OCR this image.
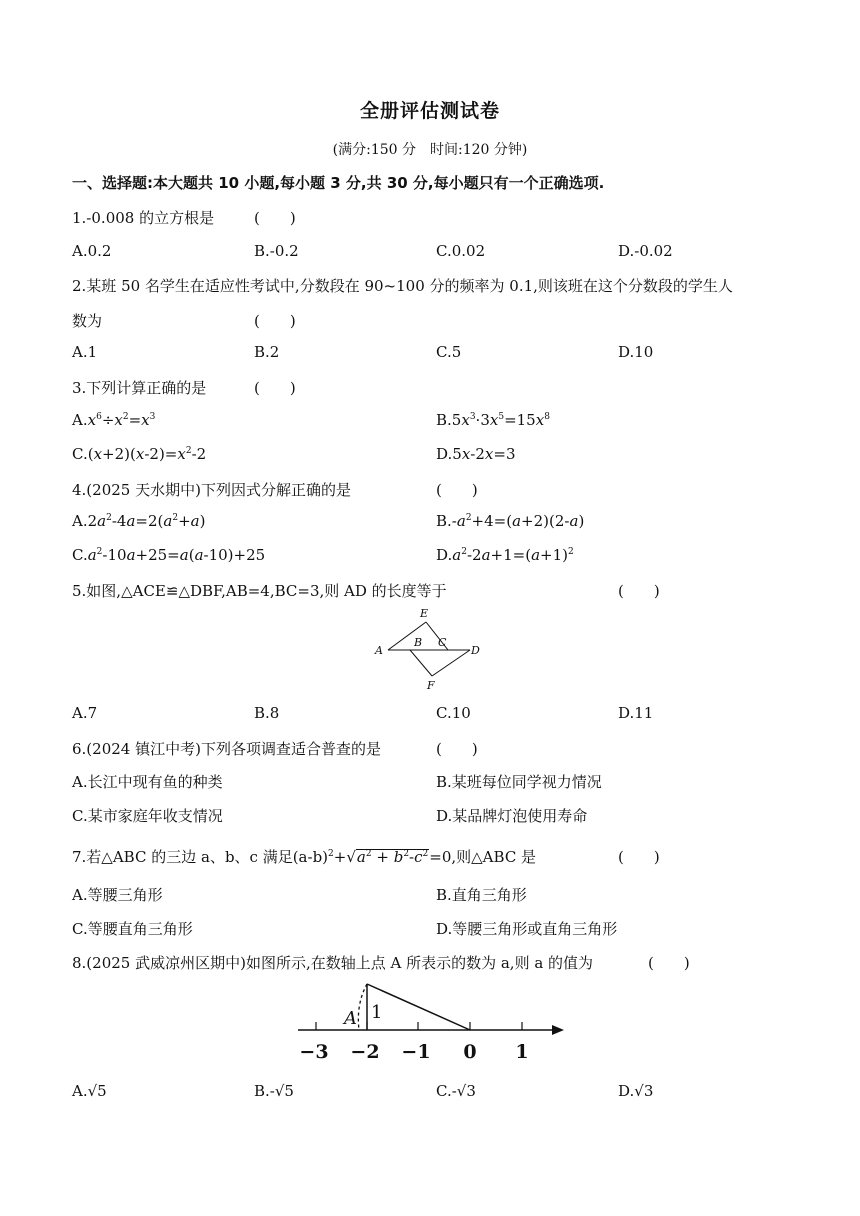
全册评估测试卷
(满分:150 分　时间:120 分钟)
一、选择题:本大题共 10 小题,每小题 3 分,共 30 分,每小题只有一个正确选项.
1.-0.008 的立方根是	(　　)
A.0.2	B.-0.2	C.0.02	D.-0.02
2.某班 50 名学生在适应性考试中,分数段在 90~100 分的频率为 0.1,则该班在这个分数段的学生人
数为	(　　)
A.1	B.2	C.5	D.10
3.下列计算正确的是	(　　)
$A.x^6\div x^2=x^3$	$B.5x^3\cdot 3x^5=15x^8$
$C.(x+2)(x-2)=x^2-2$	D.5x-2x=3
4.(2025 天水期中)下列因式分解正确的是	(　　)
$A.2a^2-4a=2(a^2+a)$	$B.-a^2+4=(a+2)(2-a)$
$C.a^2-10a+25=a(a-10)+25$	$D.a^2-2a+1=(a+1)^2$
5.如图,△ACE≌△DBF,AB=4,BC=3,则 AD 的长度等于	(　　)
A
B C
D
E
F
A.7	B.8	C.10	D.11
6.(2024 镇江中考)下列各项调查适合普查的是	(　　)
A.长江中现有鱼的种类	B.某班每位同学视力情况
C.某市家庭年收支情况	D.某品牌灯泡使用寿命
7.若△ABC 的三边 a、b、c 满足$(a-b)^2+√a^2 + b^2-c^2=0$,则△ABC 是	(　　)
A.等腰三角形	B.直角三角形
C.等腰直角三角形	D.等腰三角形或直角三角形
8.(2025 武威凉州区期中)如图所示,在数轴上点 A 所表示的数为 a,则 a 的值为	(　　)
−3 −2 −1 0 1
A 1
A.√5	B.-√5	C.-√3	D.√3
